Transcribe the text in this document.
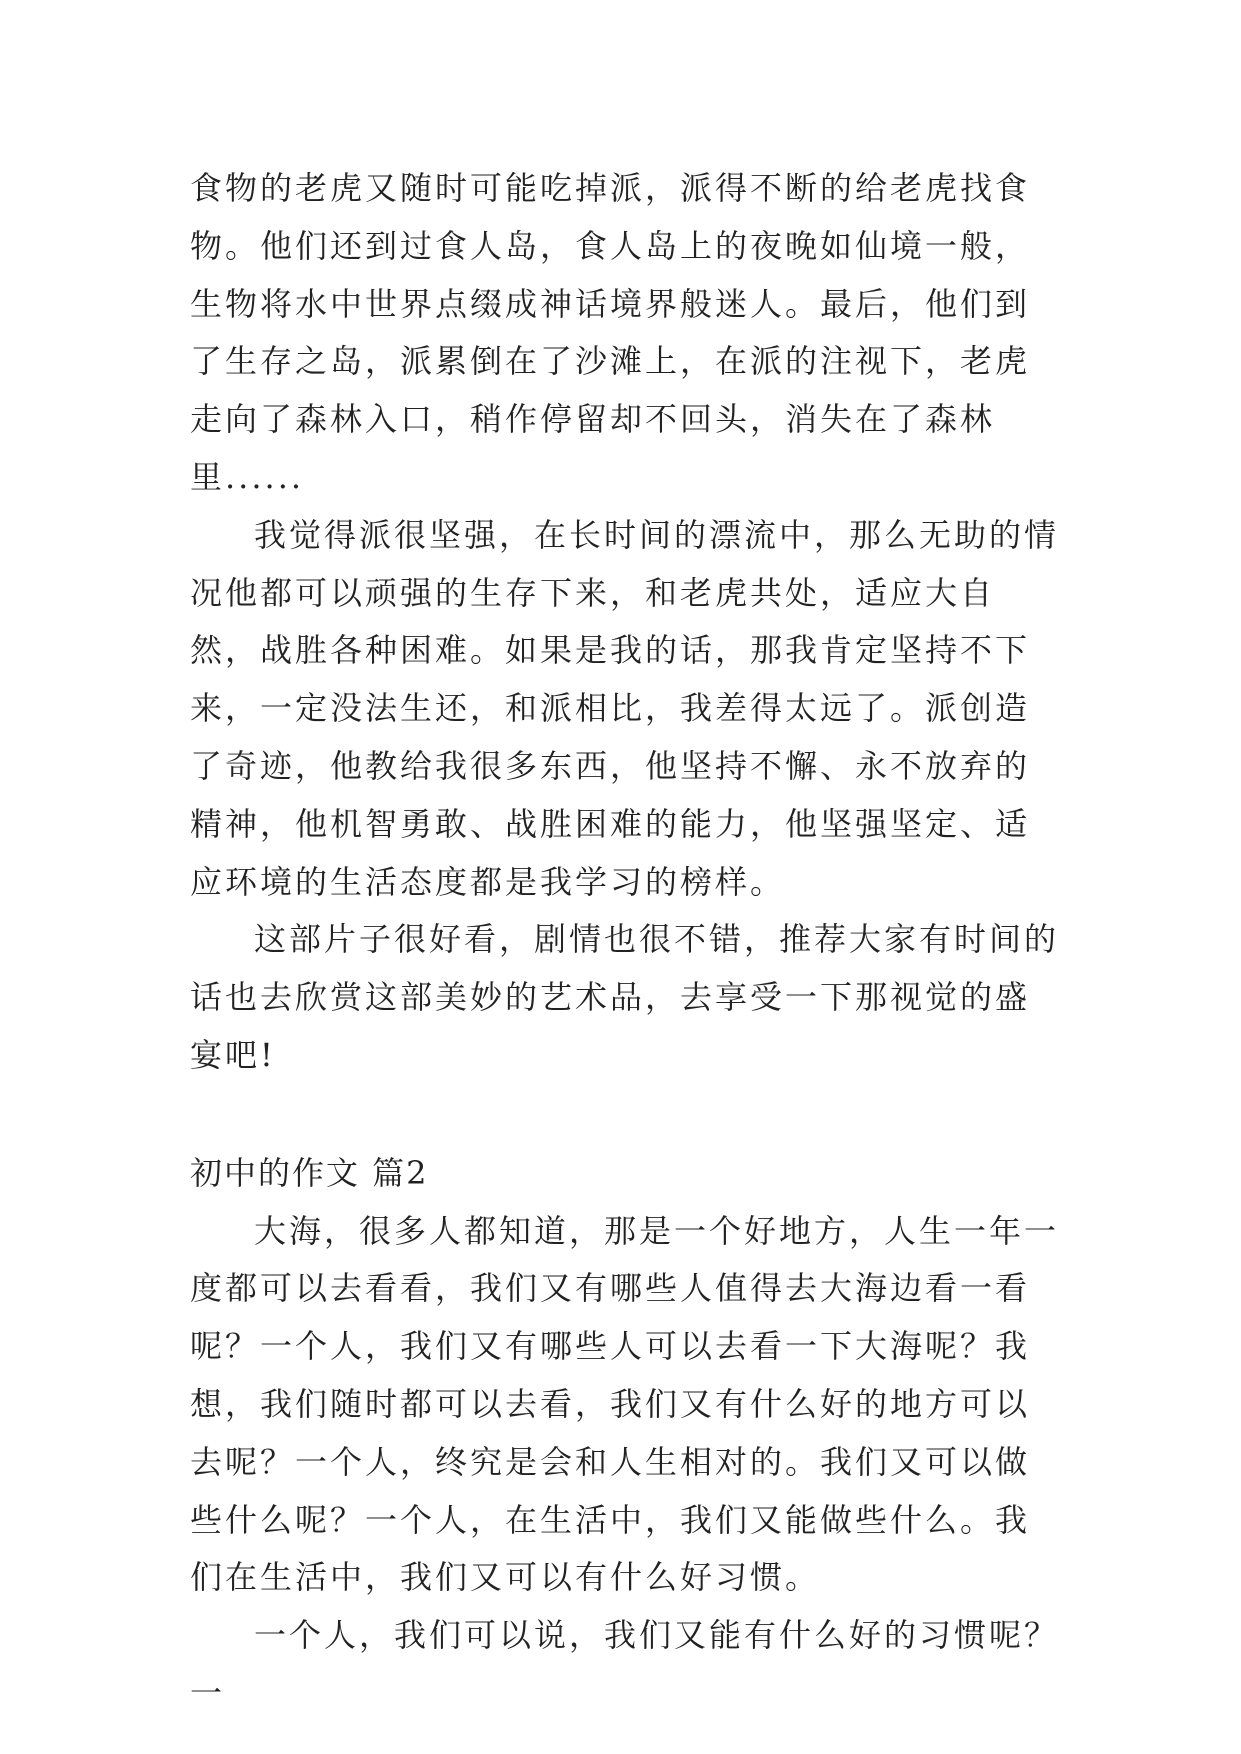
食物的老虎又随时可能吃掉派，派得不断的给老虎找食物。他们还到过食人岛，食人岛上的夜晚如仙境一般，生物将水中世界点缀成神话境界般迷人。最后，他们到了生存之岛，派累倒在了沙滩上，在派的注视下，老虎走向了森林入口，稍作停留却不回头，消失在了森林里......

我觉得派很坚强，在长时间的漂流中，那么无助的情况他都可以顽强的生存下来，和老虎共处，适应大自然，战胜各种困难。如果是我的话，那我肯定坚持不下来，一定没法生还，和派相比，我差得太远了。派创造了奇迹，他教给我很多东西，他坚持不懈、永不放弃的精神，他机智勇敢、战胜困难的能力，他坚强坚定、适应环境的生活态度都是我学习的榜样。

这部片子很好看，剧情也很不错，推荐大家有时间的话也去欣赏这部美妙的艺术品，去享受一下那视觉的盛宴吧!

初中的作文 篇2

大海，很多人都知道，那是一个好地方，人生一年一度都可以去看看，我们又有哪些人值得去大海边看一看呢？一个人，我们又有哪些人可以去看一下大海呢？我想，我们随时都可以去看，我们又有什么好的地方可以去呢？一个人，终究是会和人生相对的。我们又可以做些什么呢？一个人，在生活中，我们又能做些什么。我们在生活中，我们又可以有什么好习惯。

一个人，我们可以说，我们又能有什么好的习惯呢？一
